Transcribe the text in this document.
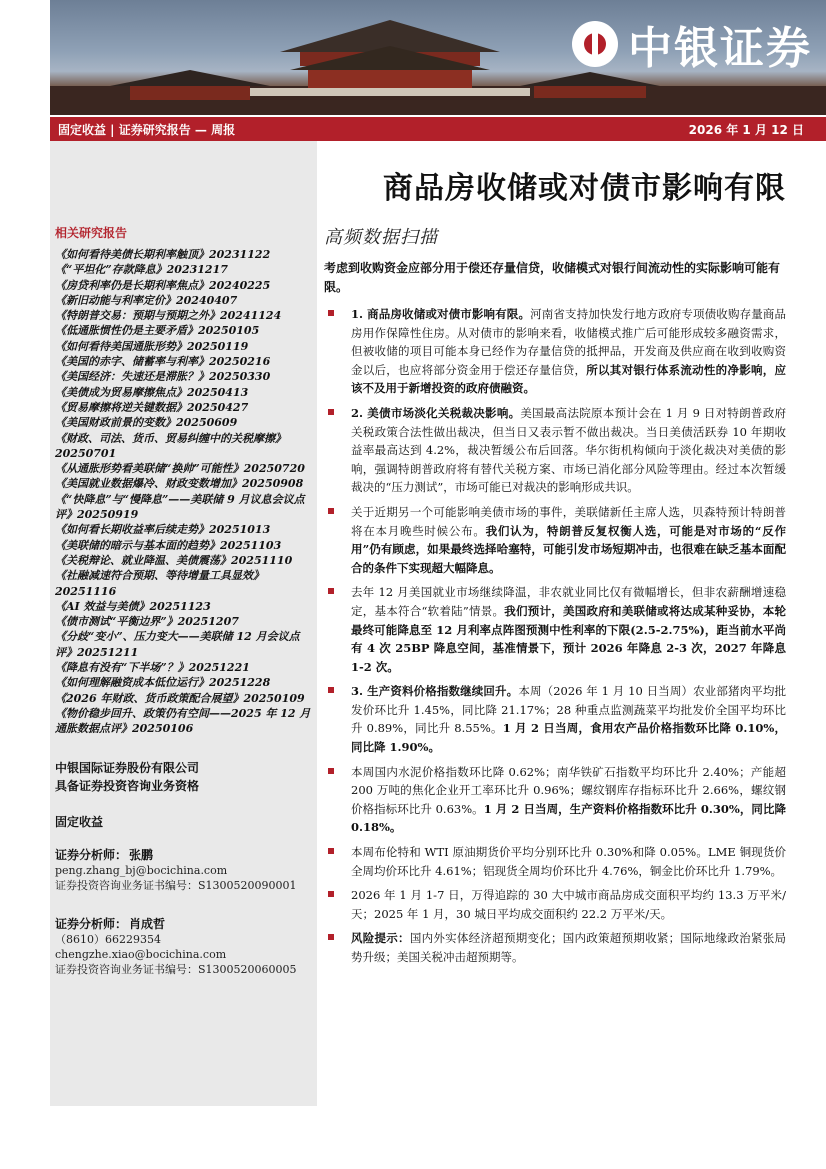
中银证券
固定收益 | 证券研究报告 — 周报	2026 年 1 月 12 日
相关研究报告
《如何看待美债长期利率触顶》20231122
《“平坦化”存款降息》20231217
《房贷利率仍是长期利率焦点》20240225
《新旧动能与利率定价》20240407
《特朗普交易：预期与预期之外》20241124
《低通胀惯性仍是主要矛盾》20250105
《如何看待美国通胀形势》20250119
《美国的赤字、储蓄率与利率》20250216
《美国经济：失速还是滞胀？》20250330
《美债成为贸易摩擦焦点》20250413
《贸易摩擦将逆关键数据》20250427
《美国财政前景的变数》20250609
《财政、司法、货币、贸易纠缠中的关税摩擦》20250701
《从通胀形势看美联储“换帅”可能性》20250720
《美国就业数据爆冷、财政变数增加》20250908
《“快降息”与“慢降息”——美联储 9 月议息会议点评》20250919
《如何看长期收益率后续走势》20251013
《美联储的暗示与基本面的趋势》20251103
《关税辩论、就业降温、美债震荡》20251110
《社融减速符合预期、等待增量工具显效》20251116
《AI 效益与美债》20251123
《债市测试“平衡边界”》20251207
《分歧“变小”、压力变大——美联储 12 月会议点评》20251211
《降息有没有“下半场”？》20251221
《如何理解融资成本低位运行》20251228
《2026 年财政、货币政策配合展望》20250109
《物价稳步回升、政策仍有空间——2025 年 12 月通胀数据点评》20250106
中银国际证券股份有限公司
具备证券投资咨询业务资格
固定收益
证券分析师： 张鹏
peng.zhang_bj@bocichina.com
证券投资咨询业务证书编号：S1300520090001
证券分析师： 肖成哲
（8610）66229354
chengzhe.xiao@bocichina.com
证券投资咨询业务证书编号：S1300520060005
商品房收储或对债市影响有限
高频数据扫描
考虑到收购资金应部分用于偿还存量信贷，收储模式对银行间流动性的实际影响可能有限。
1. 商品房收储或对债市影响有限。河南省支持加快发行地方政府专项债收购存量商品房用作保障性住房。从对债市的影响来看，收储模式推广后可能形成较多融资需求，但被收储的项目可能本身已经作为存量信贷的抵押品，开发商及供应商在收到收购资金以后，也应将部分资金用于偿还存量信贷，所以其对银行体系流动性的净影响，应该不及用于新增投资的政府债融资。
2. 美债市场淡化关税裁决影响。美国最高法院原本预计会在 1 月 9 日对特朗普政府关税政策合法性做出裁决，但当日又表示暂不做出裁决。当日美债活跃券 10 年期收益率最高达到 4.2%，裁决暂缓公布后回落。华尔街机构倾向于淡化裁决对美债的影响，强调特朗普政府将有替代关税方案、市场已消化部分风险等理由。经过本次暂缓裁决的“压力测试”，市场可能已对裁决的影响形成共识。
关于近期另一个可能影响美债市场的事件，美联储新任主席人选，贝森特预计特朗普将在本月晚些时候公布。我们认为，特朗普反复权衡人选，可能是对市场的“反作用”仍有顾虑，如果最终选择哈塞特，可能引发市场短期冲击，也很难在缺乏基本面配合的条件下实现超大幅降息。
去年 12 月美国就业市场继续降温，非农就业同比仅有微幅增长，但非农薪酬增速稳定，基本符合“软着陆”情景。我们预计，美国政府和美联储或将达成某种妥协，本轮最终可能降息至 12 月利率点阵图预测中性利率的下限(2.5-2.75%)，距当前水平尚有 4 次 25BP 降息空间，基准情景下，预计 2026 年降息 2-3 次，2027 年降息 1-2 次。
3. 生产资料价格指数继续回升。本周（2026 年 1 月 10 日当周）农业部猪肉平均批发价环比升 1.45%，同比降 21.17%；28 种重点监测蔬菜平均批发价全国平均环比升 0.89%，同比升 8.55%。1 月 2 日当周，食用农产品价格指数环比降 0.10%，同比降 1.90%。
本周国内水泥价格指数环比降 0.62%；南华铁矿石指数平均环比升 2.40%；产能超 200 万吨的焦化企业开工率环比升 0.96%；螺纹钢库存指标环比升 2.66%，螺纹钢价格指标环比升 0.63%。1 月 2 日当周，生产资料价格指数环比升 0.30%，同比降 0.18%。
本周布伦特和 WTI 原油期货价平均分别环比升 0.30%和降 0.05%。LME 铜现货价全周均价环比升 4.61%；铝现货全周均价环比升 4.76%，铜金比价环比升 1.79%。
2026 年 1 月 1-7 日，万得追踪的 30 大中城市商品房成交面积平均约 13.3 万平米/天；2025 年 1 月，30 城日平均成交面积约 22.2 万平米/天。
风险提示：国内外实体经济超预期变化；国内政策超预期收紧；国际地缘政治紧张局势升级；美国关税冲击超预期等。
